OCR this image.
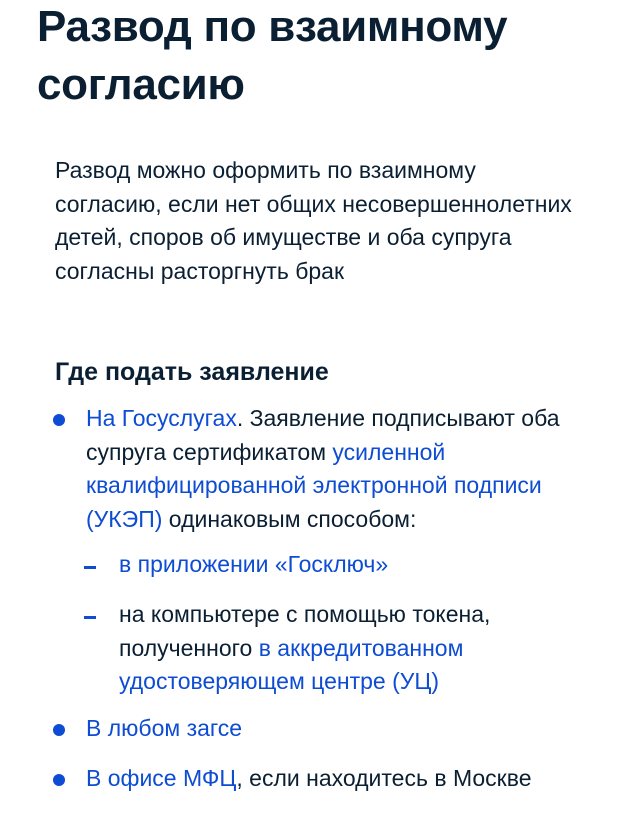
Развод по взаимному согласию

Развод можно оформить по взаимному согласию, если нет общих несовершеннолетних детей, споров об имуществе и оба супруга согласны расторгнуть брак

Где подать заявление

На Госуслугах. Заявление подписывают оба супруга сертификатом усиленной квалифицированной электронной подписи (УКЭП) одинаковым способом:

в приложении «Госключ»

на компьютере с помощью токена, полученного в аккредитованном удостоверяющем центре (УЦ)

В любом загсе

В офисе МФЦ, если находитесь в Москве
